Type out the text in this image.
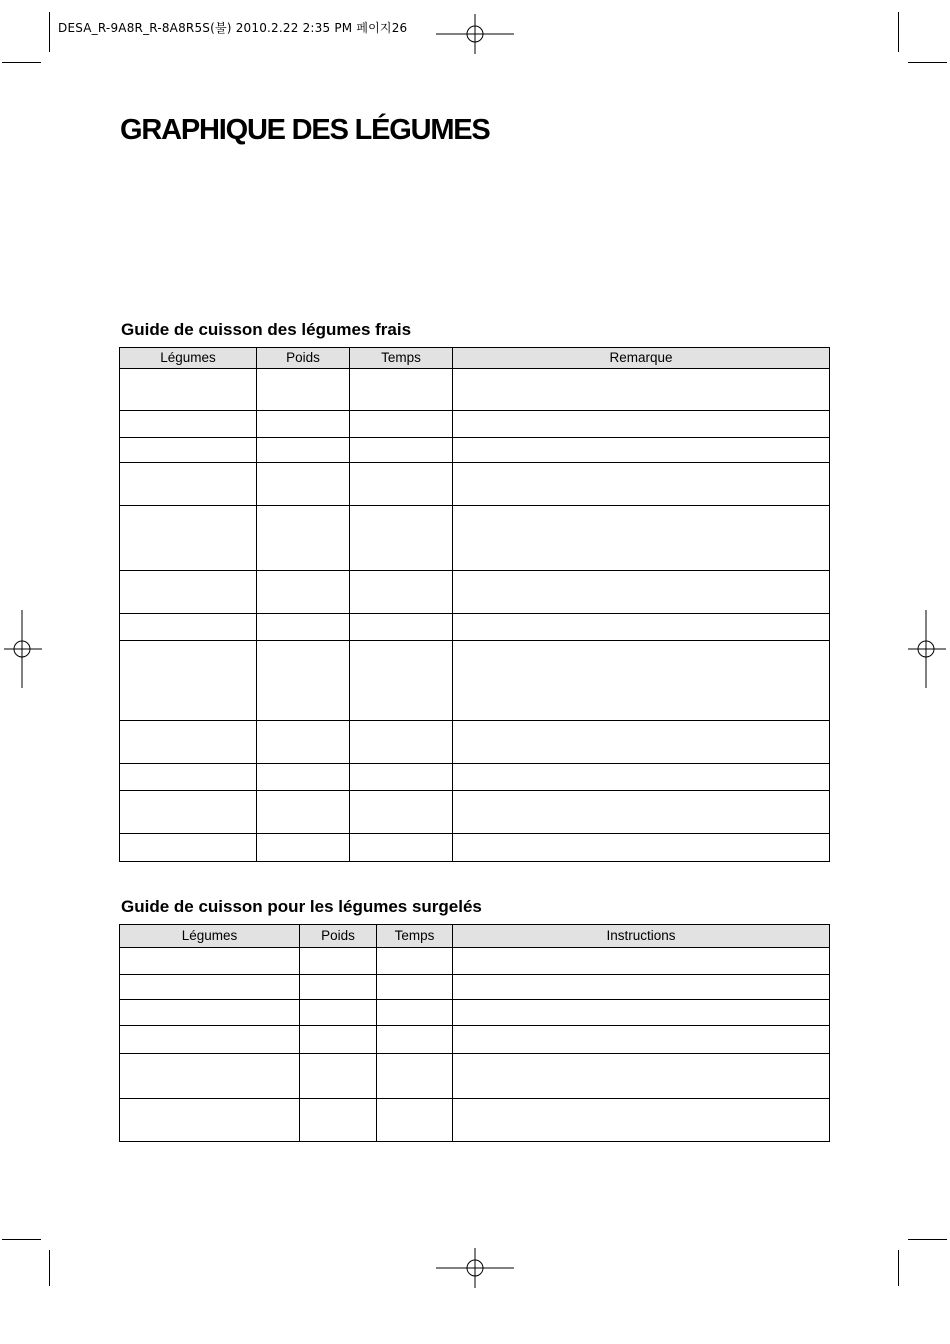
DESA_R-9A8R_R-8A8R5S(불) 2010.2.22 2:35 PM 페이지26
GRAPHIQUE DES LÉGUMES
Guide de cuisson des légumes frais
Légumes	Poids	Temps	Remarque

Guide de cuisson pour les légumes surgelés
Légumes	Poids	Temps	Instructions
